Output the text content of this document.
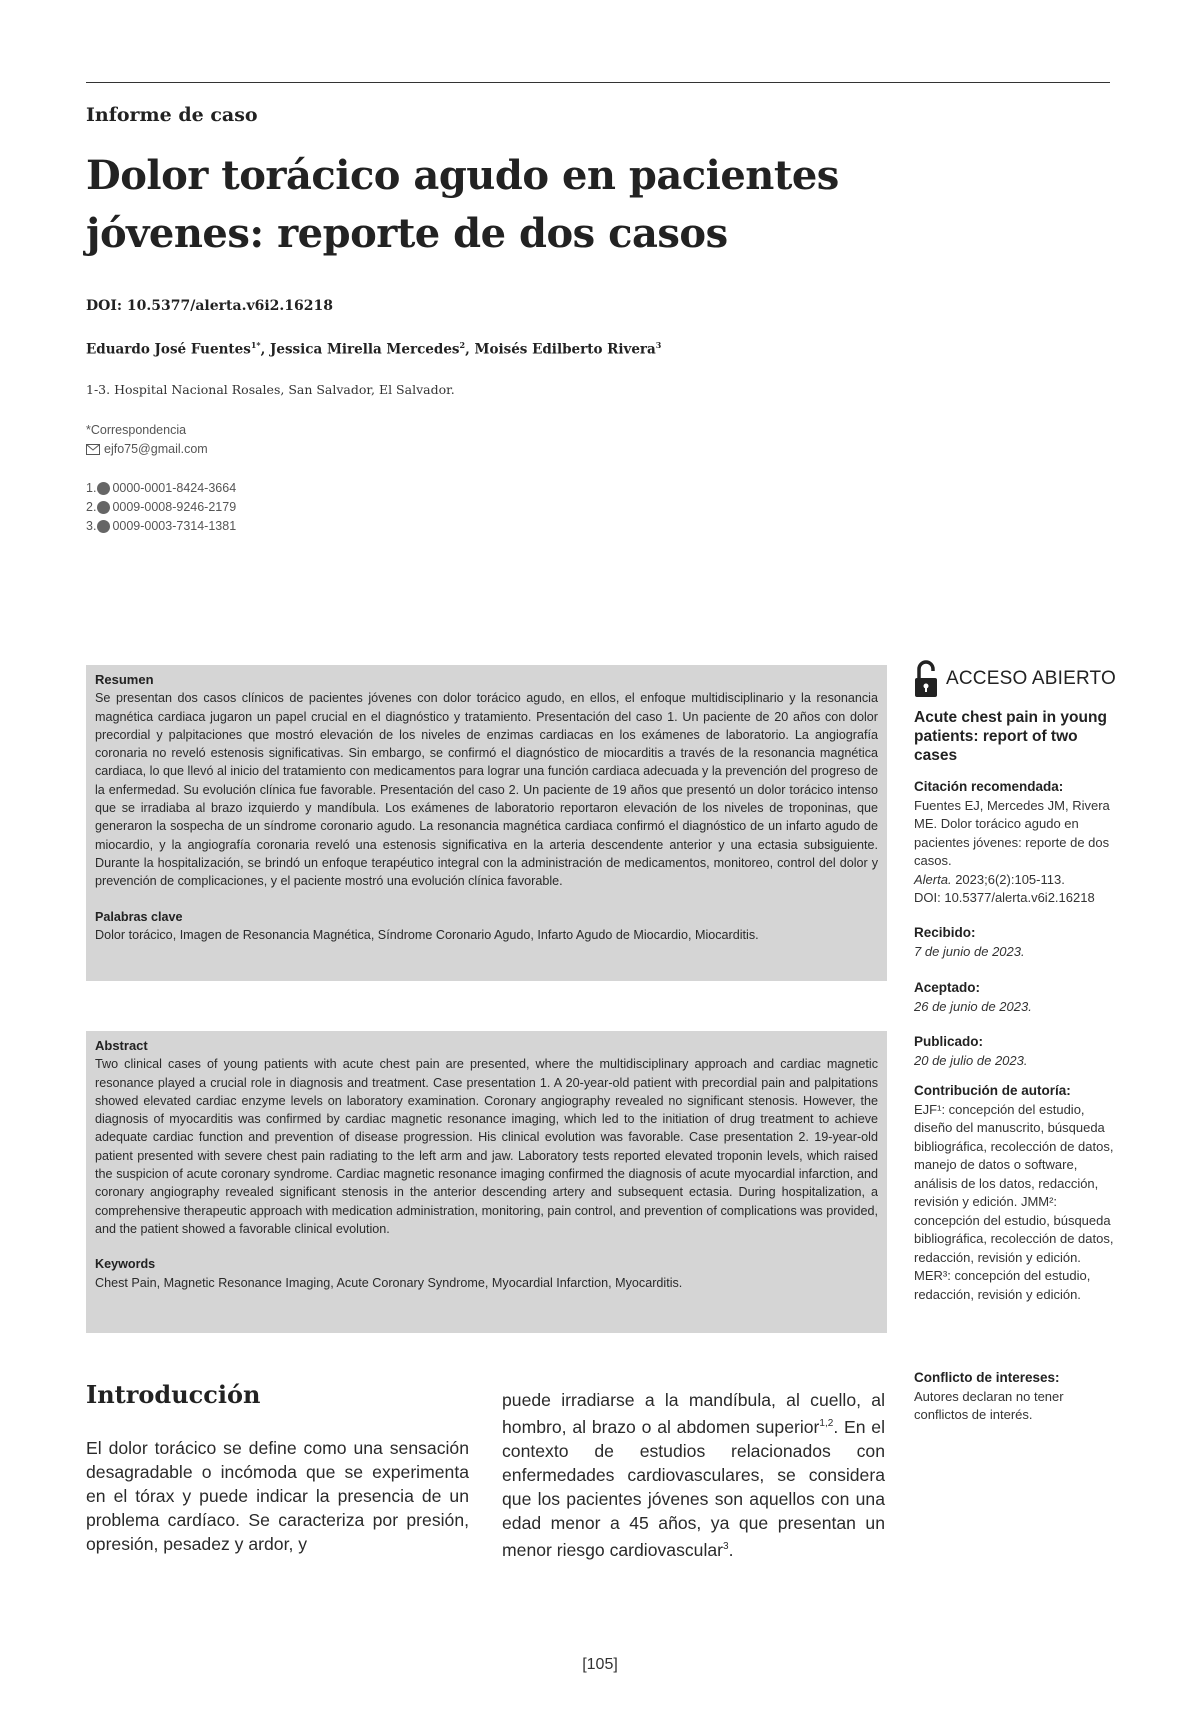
Informe de caso
Dolor torácico agudo en pacientes
jóvenes: reporte de dos casos
DOI: 10.5377/alerta.v6i2.16218
Eduardo José Fuentes$^{1*}$, Jessica Mirella Mercedes$^2$, Moisés Edilberto Rivera$^3$
1-3. Hospital Nacional Rosales, San Salvador, El Salvador.
*Correspondencia
ejfo75@gmail.com
1. 0000-0001-8424-3664
2. 0009-0008-9246-2179
3. 0009-0003-7314-1381
Resumen
Se presentan dos casos clínicos de pacientes jóvenes con dolor torácico agudo, en ellos, el enfoque multidisciplinario y la resonancia magnética cardiaca jugaron un papel crucial en el diagnóstico y tratamiento. Presentación del caso 1. Un paciente de 20 años con dolor precordial y palpitaciones que mostró elevación de los niveles de enzimas cardiacas en los exámenes de laboratorio. La angiografía coronaria no reveló estenosis significativas. Sin embargo, se confirmó el diagnóstico de miocarditis a través de la resonancia magnética cardiaca, lo que llevó al inicio del tratamiento con medicamentos para lograr una función cardiaca adecuada y la prevención del progreso de la enfermedad. Su evolución clínica fue favorable. Presentación del caso 2. Un paciente de 19 años que presentó un dolor torácico intenso que se irradiaba al brazo izquierdo y mandíbula. Los exámenes de laboratorio reportaron elevación de los niveles de troponinas, que generaron la sospecha de un síndrome coronario agudo. La resonancia magnética cardiaca confirmó el diagnóstico de un infarto agudo de miocardio, y la angiografía coronaria reveló una estenosis significativa en la arteria descendente anterior y una ectasia subsiguiente. Durante la hospitalización, se brindó un enfoque terapéutico integral con la administración de medicamentos, monitoreo, control del dolor y prevención de complicaciones, y el paciente mostró una evolución clínica favorable.
Palabras clave
Dolor torácico, Imagen de Resonancia Magnética, Síndrome Coronario Agudo, Infarto Agudo de Miocardio, Miocarditis.
Abstract
Two clinical cases of young patients with acute chest pain are presented, where the multidisciplinary approach and cardiac magnetic resonance played a crucial role in diagnosis and treatment. Case presentation 1. A 20-year-old patient with precordial pain and palpitations showed elevated cardiac enzyme levels on laboratory examination. Coronary angiography revealed no significant stenosis. However, the diagnosis of myocarditis was confirmed by cardiac magnetic resonance imaging, which led to the initiation of drug treatment to achieve adequate cardiac function and prevention of disease progression. His clinical evolution was favorable. Case presentation 2. 19-year-old patient presented with severe chest pain radiating to the left arm and jaw. Laboratory tests reported elevated troponin levels, which raised the suspicion of acute coronary syndrome. Cardiac magnetic resonance imaging confirmed the diagnosis of acute myocardial infarction, and coronary angiography revealed significant stenosis in the anterior descending artery and subsequent ectasia. During hospitalization, a comprehensive therapeutic approach with medication administration, monitoring, pain control, and prevention of complications was provided, and the patient showed a favorable clinical evolution.
Keywords
Chest Pain, Magnetic Resonance Imaging, Acute Coronary Syndrome, Myocardial Infarction, Myocarditis.
ACCESO ABIERTO
Acute chest pain in young patients: report of two cases
Citación recomendada:
Fuentes EJ, Mercedes JM, Rivera ME. Dolor torácico agudo en pacientes jóvenes: reporte de dos casos.
Alerta. 2023;6(2):105-113.
DOI: 10.5377/alerta.v6i2.16218
Recibido:
7 de junio de 2023.
Aceptado:
26 de junio de 2023.
Publicado:
20 de julio de 2023.
Contribución de autoría:
EJF¹: concepción del estudio, diseño del manuscrito, búsqueda bibliográfica, recolección de datos, manejo de datos o software, análisis de los datos, redacción, revisión y edición. JMM²: concepción del estudio, búsqueda bibliográfica, recolección de datos, redacción, revisión y edición. MER³: concepción del estudio, redacción, revisión y edición.
Conflicto de intereses:
Autores declaran no tener conflictos de interés.
Introducción
El dolor torácico se define como una sensación desagradable o incómoda que se experimenta en el tórax y puede indicar la presencia de un problema cardíaco. Se caracteriza por presión, opresión, pesadez y ardor, y
puede irradiarse a la mandíbula, al cuello, al hombro, al brazo o al abdomen superior$^{1,2}$. En el contexto de estudios relacionados con enfermedades cardiovasculares, se considera que los pacientes jóvenes son aquellos con una edad menor a 45 años, ya que presentan un menor riesgo cardiovascular$^3$.
[105]
